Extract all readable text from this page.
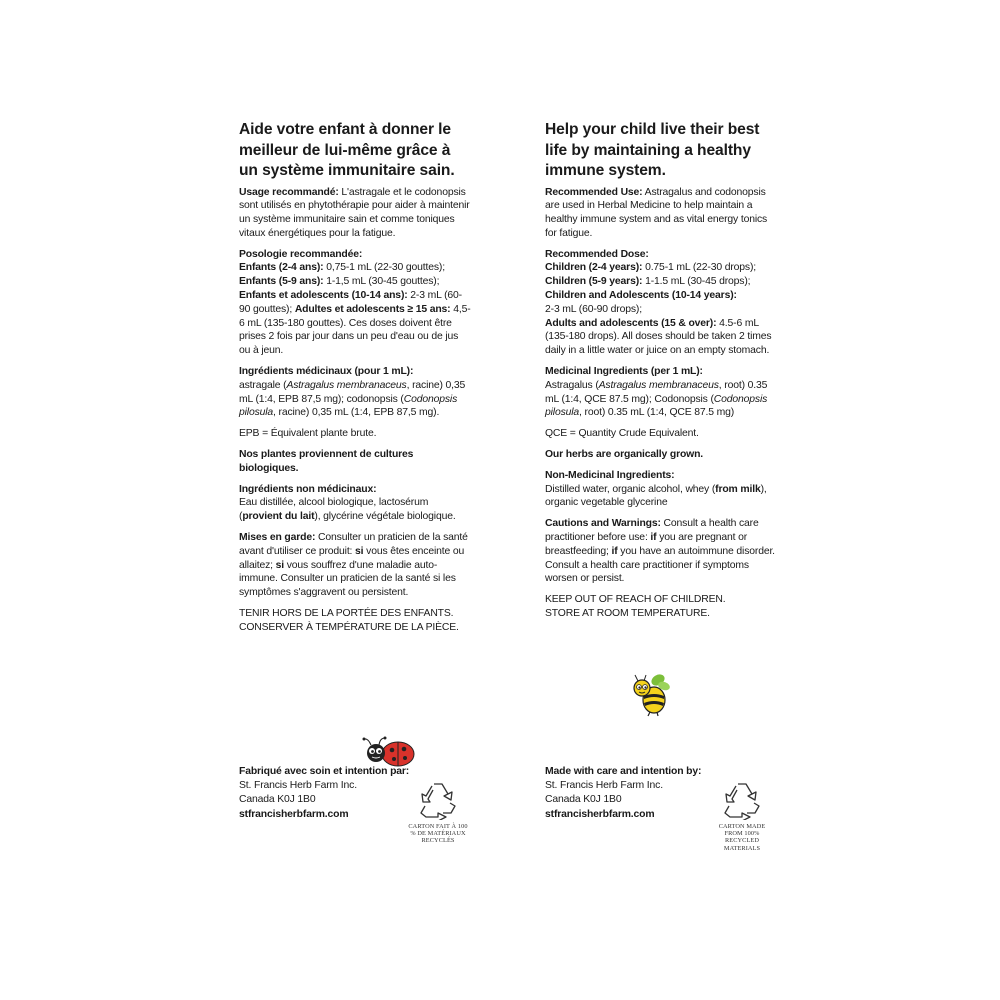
Aide votre enfant à donner le meilleur de lui-même grâce à un système immunitaire sain.

Usage recommandé: L'astragale et le codonopsis sont utilisés en phytothérapie pour aider à maintenir un système immunitaire sain et comme toniques vitaux énergétiques pour la fatigue.

Posologie recommandée:
Enfants (2-4 ans): 0,75-1 mL (22-30 gouttes);
Enfants (5-9 ans): 1-1,5 mL (30-45 gouttes);
Enfants et adolescents (10-14 ans): 2-3 mL (60-90 gouttes); Adultes et adolescents ≥ 15 ans: 4,5-6 mL (135-180 gouttes). Ces doses doivent être prises 2 fois par jour dans un peu d'eau ou de jus ou à jeun.

Ingrédients médicinaux (pour 1 mL):
astragale (Astragalus membranaceus, racine) 0,35 mL (1:4, EPB 87,5 mg); codonopsis (Codonopsis pilosula, racine) 0,35 mL (1:4, EPB 87,5 mg).

EPB = Équivalent plante brute.

Nos plantes proviennent de cultures biologiques.

Ingrédients non médicinaux:
Eau distillée, alcool biologique, lactosérum (provient du lait), glycérine végétale biologique.

Mises en garde: Consulter un praticien de la santé avant d'utiliser ce produit: si vous êtes enceinte ou allaitez; si vous souffrez d'une maladie auto-immune. Consulter un praticien de la santé si les symptômes s'aggravent ou persistent.

TENIR HORS DE LA PORTÉE DES ENFANTS.
CONSERVER À TEMPÉRATURE DE LA PIÈCE.

Help your child live their best life by maintaining a healthy immune system.

Recommended Use: Astragalus and codonopsis are used in Herbal Medicine to help maintain a healthy immune system and as vital energy tonics for fatigue.

Recommended Dose:
Children (2-4 years): 0.75-1 mL (22-30 drops);
Children (5-9 years): 1-1.5 mL (30-45 drops);
Children and Adolescents (10-14 years):
2-3 mL (60-90 drops);
Adults and adolescents (15 & over): 4.5-6 mL (135-180 drops). All doses should be taken 2 times daily in a little water or juice on an empty stomach.

Medicinal Ingredients (per 1 mL):
Astragalus (Astragalus membranaceus, root) 0.35 mL (1:4, QCE 87.5 mg); Codonopsis (Codonopsis pilosula, root) 0.35 mL (1:4, QCE 87.5 mg)

QCE = Quantity Crude Equivalent.

Our herbs are organically grown.

Non-Medicinal Ingredients:
Distilled water, organic alcohol, whey (from milk), organic vegetable glycerine

Cautions and Warnings: Consult a health care practitioner before use: if you are pregnant or breastfeeding; if you have an autoimmune disorder. Consult a health care practitioner if symptoms worsen or persist.

KEEP OUT OF REACH OF CHILDREN.
STORE AT ROOM TEMPERATURE.

Fabriqué avec soin et intention par:
St. Francis Herb Farm Inc.
Canada K0J 1B0
stfrancisherbfarm.com
CARTON FAIT À 100 % DE MATÉRIAUX RECYCLÉS
Made with care and intention by:
St. Francis Herb Farm Inc.
Canada K0J 1B0
stfrancisherbfarm.com
CARTON MADE FROM 100% RECYCLED MATERIALS
